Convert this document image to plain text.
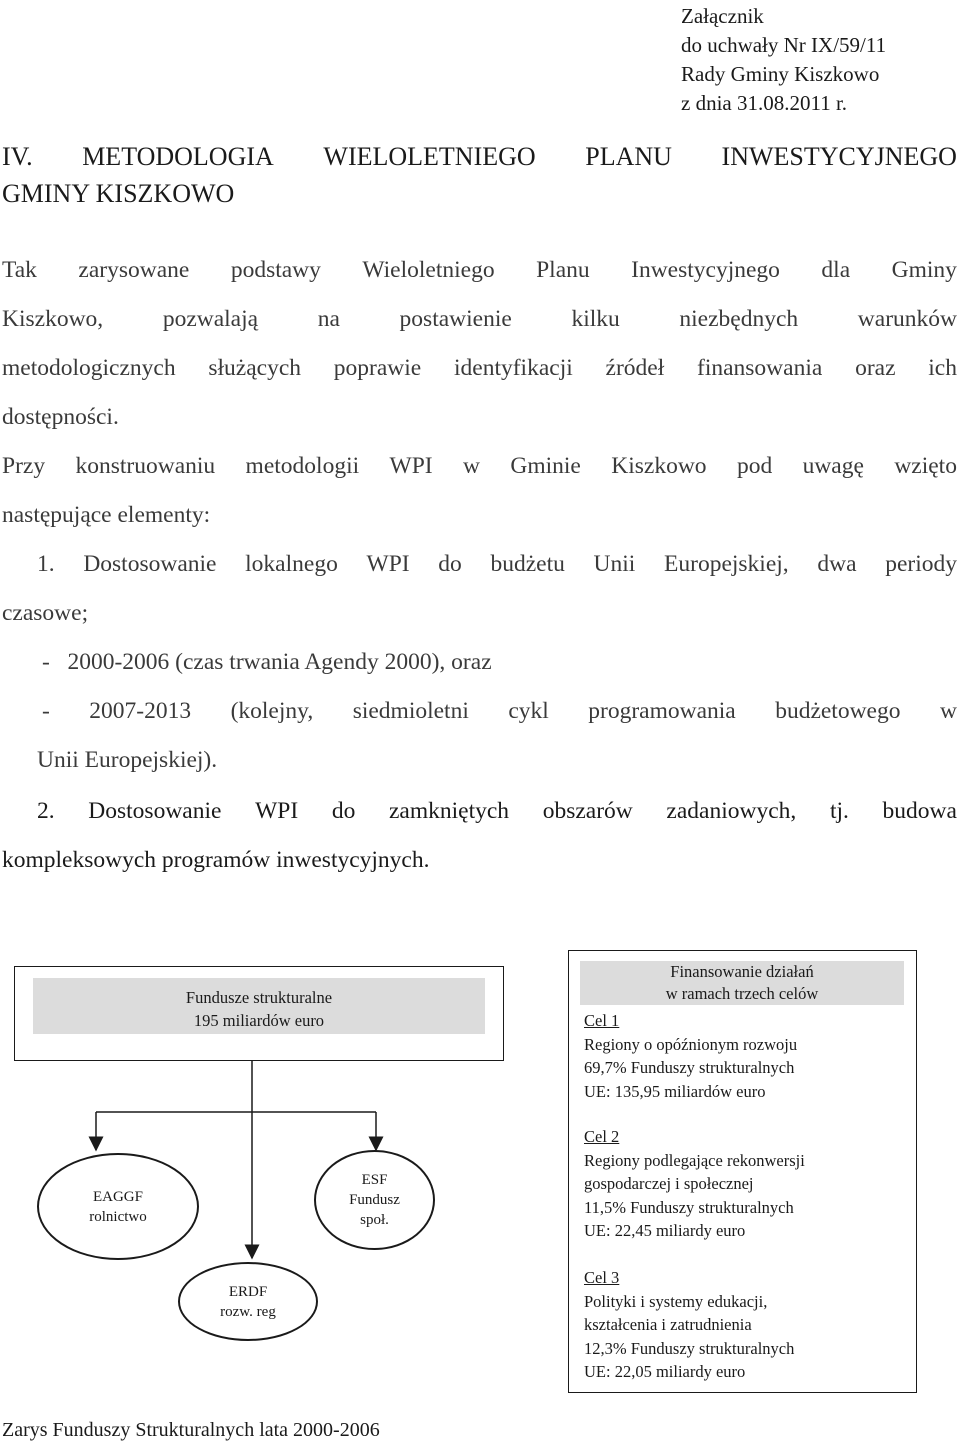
Załącznik
do uchwały Nr IX/59/11
Rady Gminy Kiszkowo
z dnia 31.08.2011 r.
IV. METODOLOGIA WIELOLETNIEGO PLANU INWESTYCYJNEGO
GMINY KISZKOWO
Tak zarysowane podstawy Wieloletniego Planu Inwestycyjnego dla Gminy
Kiszkowo,	pozwalają	na	postawienie	kilku	niezbędnych	warunków
metodologicznych służących poprawie identyfikacji źródeł finansowania oraz ich
dostępności.
Przy konstruowaniu metodologii WPI w Gminie Kiszkowo pod uwagę wzięto
następujące elementy:
1. Dostosowanie lokalnego WPI do budżetu Unii Europejskiej, dwa periody
czasowe;
-   2000-2006 (czas trwania Agendy 2000), oraz
- 2007-2013 (kolejny, siedmioletni cykl programowania budżetowego w
Unii Europejskiej).
2. Dostosowanie WPI do zamkniętych obszarów zadaniowych, tj. budowa
kompleksowych programów inwestycyjnych.
Fundusze strukturalne
195 miliardów euro
EAGGF
rolnictwo
ESF
Fundusz
społ.
ERDF
rozw. reg
Finansowanie działań
w ramach trzech celów
Cel 1
Regiony o opóźnionym rozwoju
69,7% Funduszy strukturalnych
UE: 135,95 miliardów euro
Cel 2
Regiony podlegające rekonwersji
gospodarczej i społecznej
11,5% Funduszy strukturalnych
UE: 22,45 miliardy euro
Cel 3
Polityki i systemy edukacji,
kształcenia i zatrudnienia
12,3% Funduszy strukturalnych
UE: 22,05 miliardy euro
Zarys Funduszy Strukturalnych lata 2000-2006
